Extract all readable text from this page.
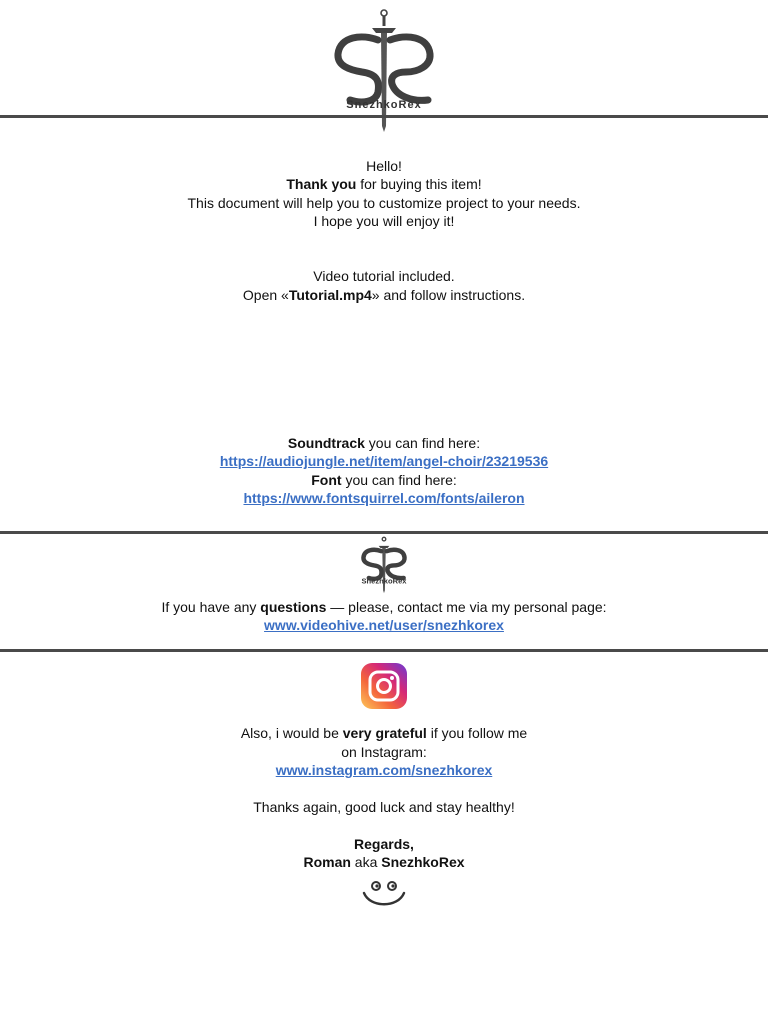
SnezhkoRex
Hello!
Thank you for buying this item!
This document will help you to customize project to your needs.
I hope you will enjoy it!
Video tutorial included.
Open «Tutorial.mp4» and follow instructions.
Soundtrack you can find here:
https://audiojungle.net/item/angel-choir/23219536
Font you can find here:
https://www.fontsquirrel.com/fonts/aileron
SnezhkoRex
If you have any questions — please, contact me via my personal page:
www.videohive.net/user/snezhkorex
Also, i would be very grateful if you follow me
on Instagram:
www.instagram.com/snezhkorex
Thanks again, good luck and stay healthy!
Regards,
Roman aka SnezhkoRex
